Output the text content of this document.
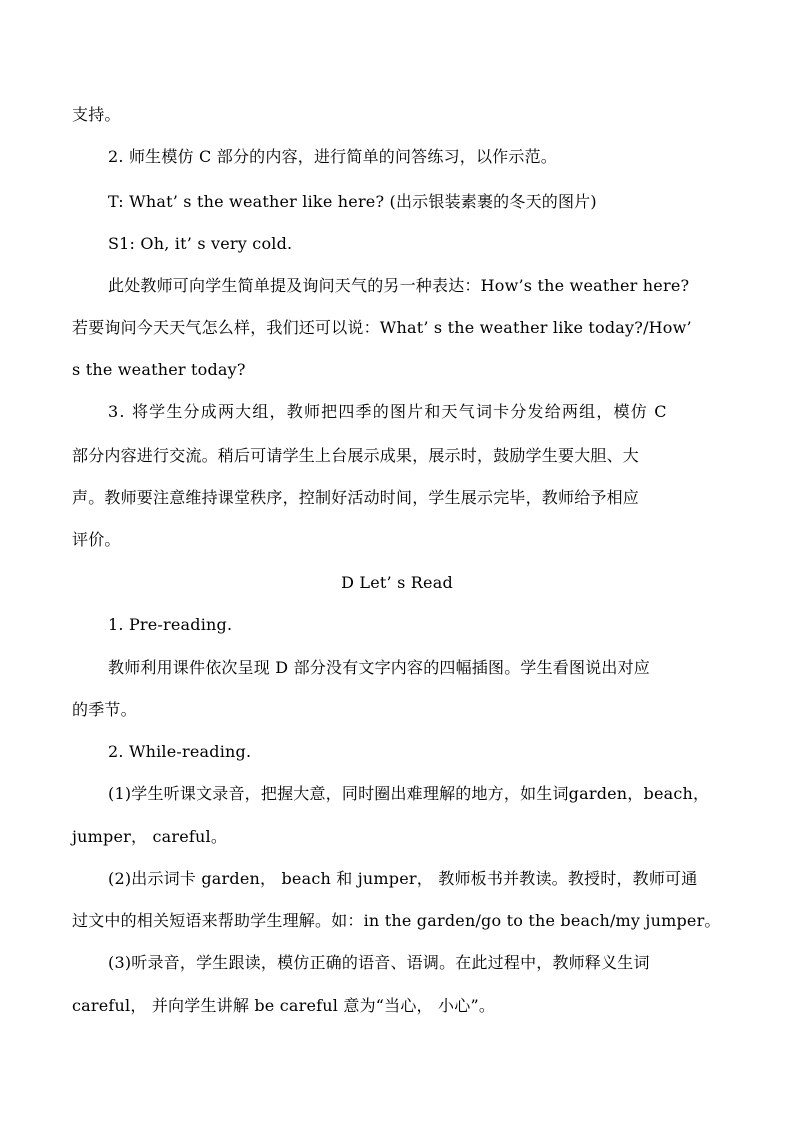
支持。
2. 师生模仿 C 部分的内容，进行简单的问答练习，以作示范。
T: What’ s the weather like here? (出示银装素裹的冬天的图片)
S1: Oh, it’ s very cold.
此处教师可向学生简单提及询问天气的另一种表达：How’s the weather here?
若要询问今天天气怎么样，我们还可以说：What’ s the weather like today?/How’
s the weather today?
3. 将学生分成两大组，教师把四季的图片和天气词卡分发给两组，模仿 C
部分内容进行交流。稍后可请学生上台展示成果，展示时，鼓励学生要大胆、大
声。教师要注意维持课堂秩序，控制好活动时间，学生展示完毕，教师给予相应
评价。
D Let’ s Read
1. Pre-reading.
教师利用课件依次呈现 D 部分没有文字内容的四幅插图。学生看图说出对应
的季节。
2. While-reading.
(1)学生听课文录音，把握大意，同时圈出难理解的地方，如生词garden，beach，
jumper， careful。
(2)出示词卡 garden， beach 和 jumper， 教师板书并教读。教授时，教师可通
过文中的相关短语来帮助学生理解。如：in the garden/go to the beach/my jumper。
(3)听录音，学生跟读，模仿正确的语音、语调。在此过程中，教师释义生词
careful， 并向学生讲解 be careful 意为“当心， 小心”。
